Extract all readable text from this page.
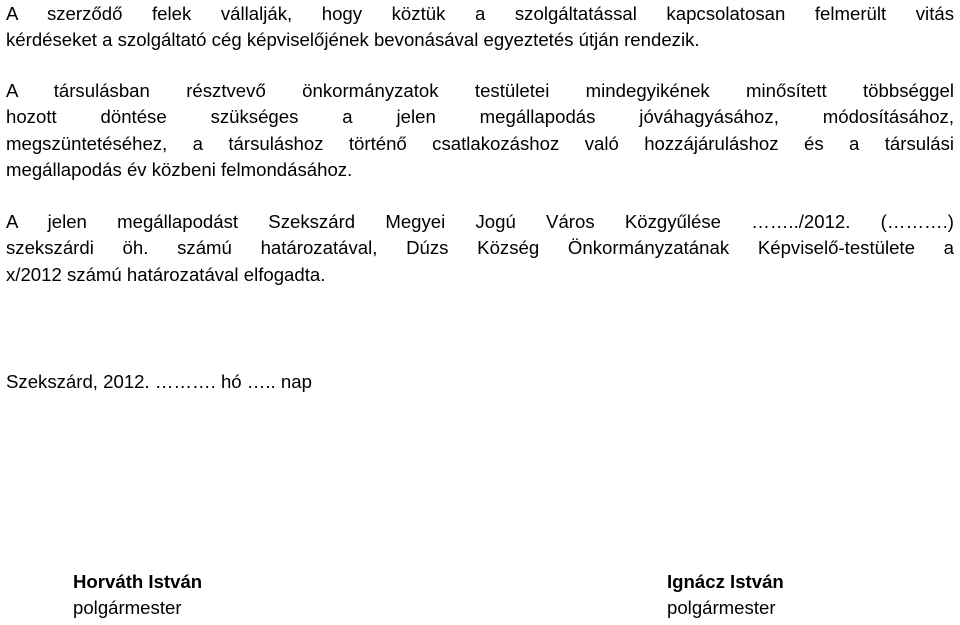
A szerződő felek vállalják, hogy köztük a szolgáltatással kapcsolatosan felmerült vitás
kérdéseket a szolgáltató cég képviselőjének bevonásával egyeztetés útján rendezik.

A társulásban résztvevő önkormányzatok testületei mindegyikének minősített többséggel
hozott döntése szükséges a jelen megállapodás jóváhagyásához, módosításához,
megszüntetéséhez, a társuláshoz történő csatlakozáshoz való hozzájáruláshoz és a társulási
megállapodás év közbeni felmondásához.

A jelen megállapodást Szekszárd Megyei Jogú Város Közgyűlése ……../2012. (……….)
szekszárdi öh. számú határozatával, Dúzs Község Önkormányzatának Képviselő-testülete a
x/2012 számú határozatával elfogadta.

Szekszárd, 2012. ………. hó ….. nap
Horváth István
polgármester
Ignácz István
polgármester
